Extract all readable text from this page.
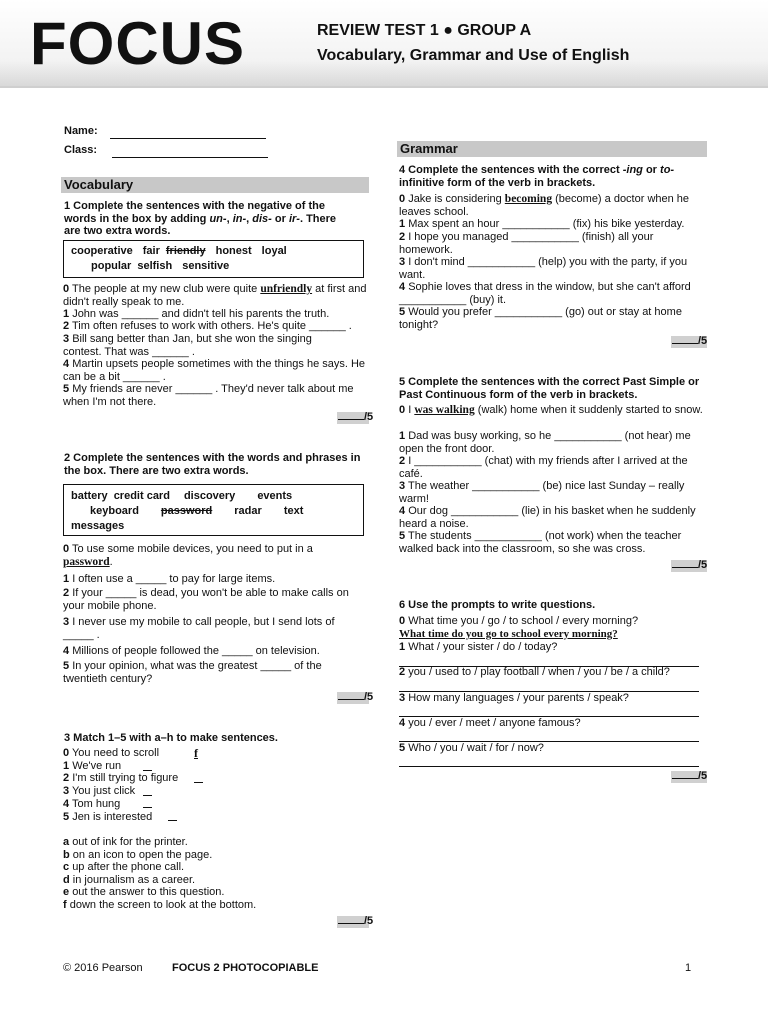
FOCUS	REVIEW TEST 1 ● GROUP A
Vocabulary, Grammar and Use of English
Name:
Class:
Vocabulary
1 Complete the sentences with the negative of the words in the box by adding un-, in-, dis- or ir-. There are two extra words.
cooperative fair friendly honest loyal
popular selfish sensitive
0 The people at my new club were quite unfriendly at first and didn't really speak to me.
1 John was ______ and didn't tell his parents the truth.
2 Tim often refuses to work with others. He's quite ______ .
3 Bill sang better than Jan, but she won the singing contest. That was ______ .
4 Martin upsets people sometimes with the things he says. He can be a bit ______ .
5 My friends are never ______ . They'd never talk about me when I'm not there.
/5
2 Complete the sentences with the words and phrases in the box. There are two extra words.
battery credit card discovery events
keyboard password radar text
messages
0 To use some mobile devices, you need to put in a password.
1 I often use a _____ to pay for large items.
2 If your _____ is dead, you won't be able to make calls on your mobile phone.
3 I never use my mobile to call people, but I send lots of _____ .
4 Millions of people followed the _____ on television.
5 In your opinion, what was the greatest _____ of the twentieth century?
/5
3 Match 1–5 with a–h to make sentences.
0 You need to scroll	f
1 We've run
2 I'm still trying to figure
3 You just click
4 Tom hung
5 Jen is interested
a out of ink for the printer.
b on an icon to open the page.
c up after the phone call.
d in journalism as a career.
e out the answer to this question.
f down the screen to look at the bottom.
/5
Grammar
4 Complete the sentences with the correct -ing or to-infinitive form of the verb in brackets.
0 Jake is considering becoming (become) a doctor when he leaves school.
1 Max spent an hour ___________ (fix) his bike yesterday.
2 I hope you managed ___________ (finish) all your homework.
3 I don't mind ___________ (help) you with the party, if you want.
4 Sophie loves that dress in the window, but she can't afford ___________ (buy) it.
5 Would you prefer ___________ (go) out or stay at home tonight?
/5
5 Complete the sentences with the correct Past Simple or Past Continuous form of the verb in brackets.
0 I was walking (walk) home when it suddenly started to snow.
1 Dad was busy working, so he ___________ (not hear) me open the front door.
2 I ___________ (chat) with my friends after I arrived at the café.
3 The weather ___________ (be) nice last Sunday – really warm!
4 Our dog ___________ (lie) in his basket when he suddenly heard a noise.
5 The students ___________ (not work) when the teacher walked back into the classroom, so she was cross.
/5
6 Use the prompts to write questions.
0 What time you / go / to school / every morning?
What time do you go to school every morning?
1 What / your sister / do / today?
2 you / used to / play football / when / you / be / a child?
3 How many languages / your parents / speak?
4 you / ever / meet / anyone famous?
5 Who / you / wait / for / now?
/5
© 2016 Pearson	FOCUS 2 PHOTOCOPIABLE	1
